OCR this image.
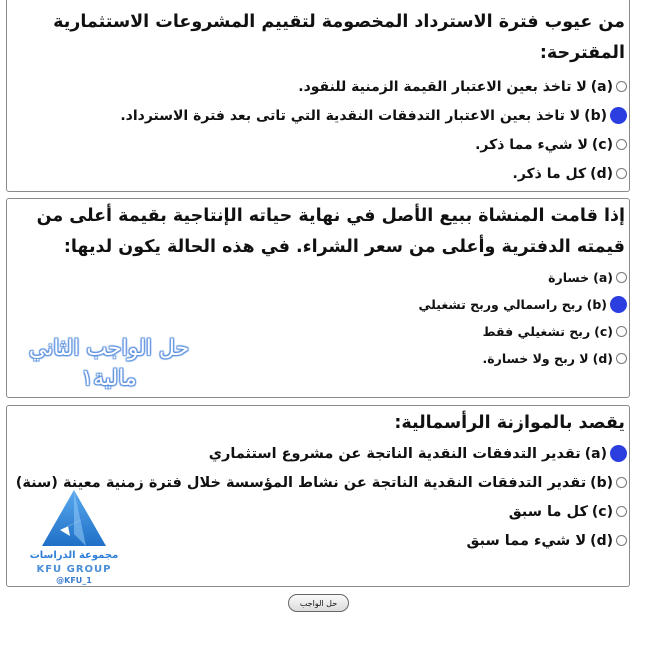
من عيوب فترة الاسترداد المخصومة لتقييم المشروعات الاستثمارية المقترحة:

(a)
لا تاخذ بعين الاعتبار القيمة الزمنية للنقود.
(b)
لا تاخذ بعين الاعتبار التدفقات النقدية التي تاتى بعد فترة الاسترداد.
(c)
لا شيء مما ذكر.
(d)
كل ما ذكر.

إذا قامت المنشاة ببيع الأصل في نهاية حياته الإنتاجية بقيمة أعلى من قيمته الدفترية وأعلى من سعر الشراء. في هذه الحالة يكون لديها:

(a)
خسارة
(b)
ربح راسمالي وربح تشغيلي
(c)
ربح تشغيلي فقط
(d)
لا ربح ولا خسارة.

يقصد بالموازنة الرأسمالية:

(a)
تقدير التدفقات النقدية الناتجة عن مشروع استثماري
(b)
تقدير التدفقات النقدية الناتجة عن نشاط المؤسسة خلال فترة زمنية معينة (سنة)
(c)
كل ما سبق
(d)
لا شيء مما سبق
حل الواجب الثاني
مالية١
مجموعة الدراسات
KFU GROUP
@KFU_1
حل الواجب
